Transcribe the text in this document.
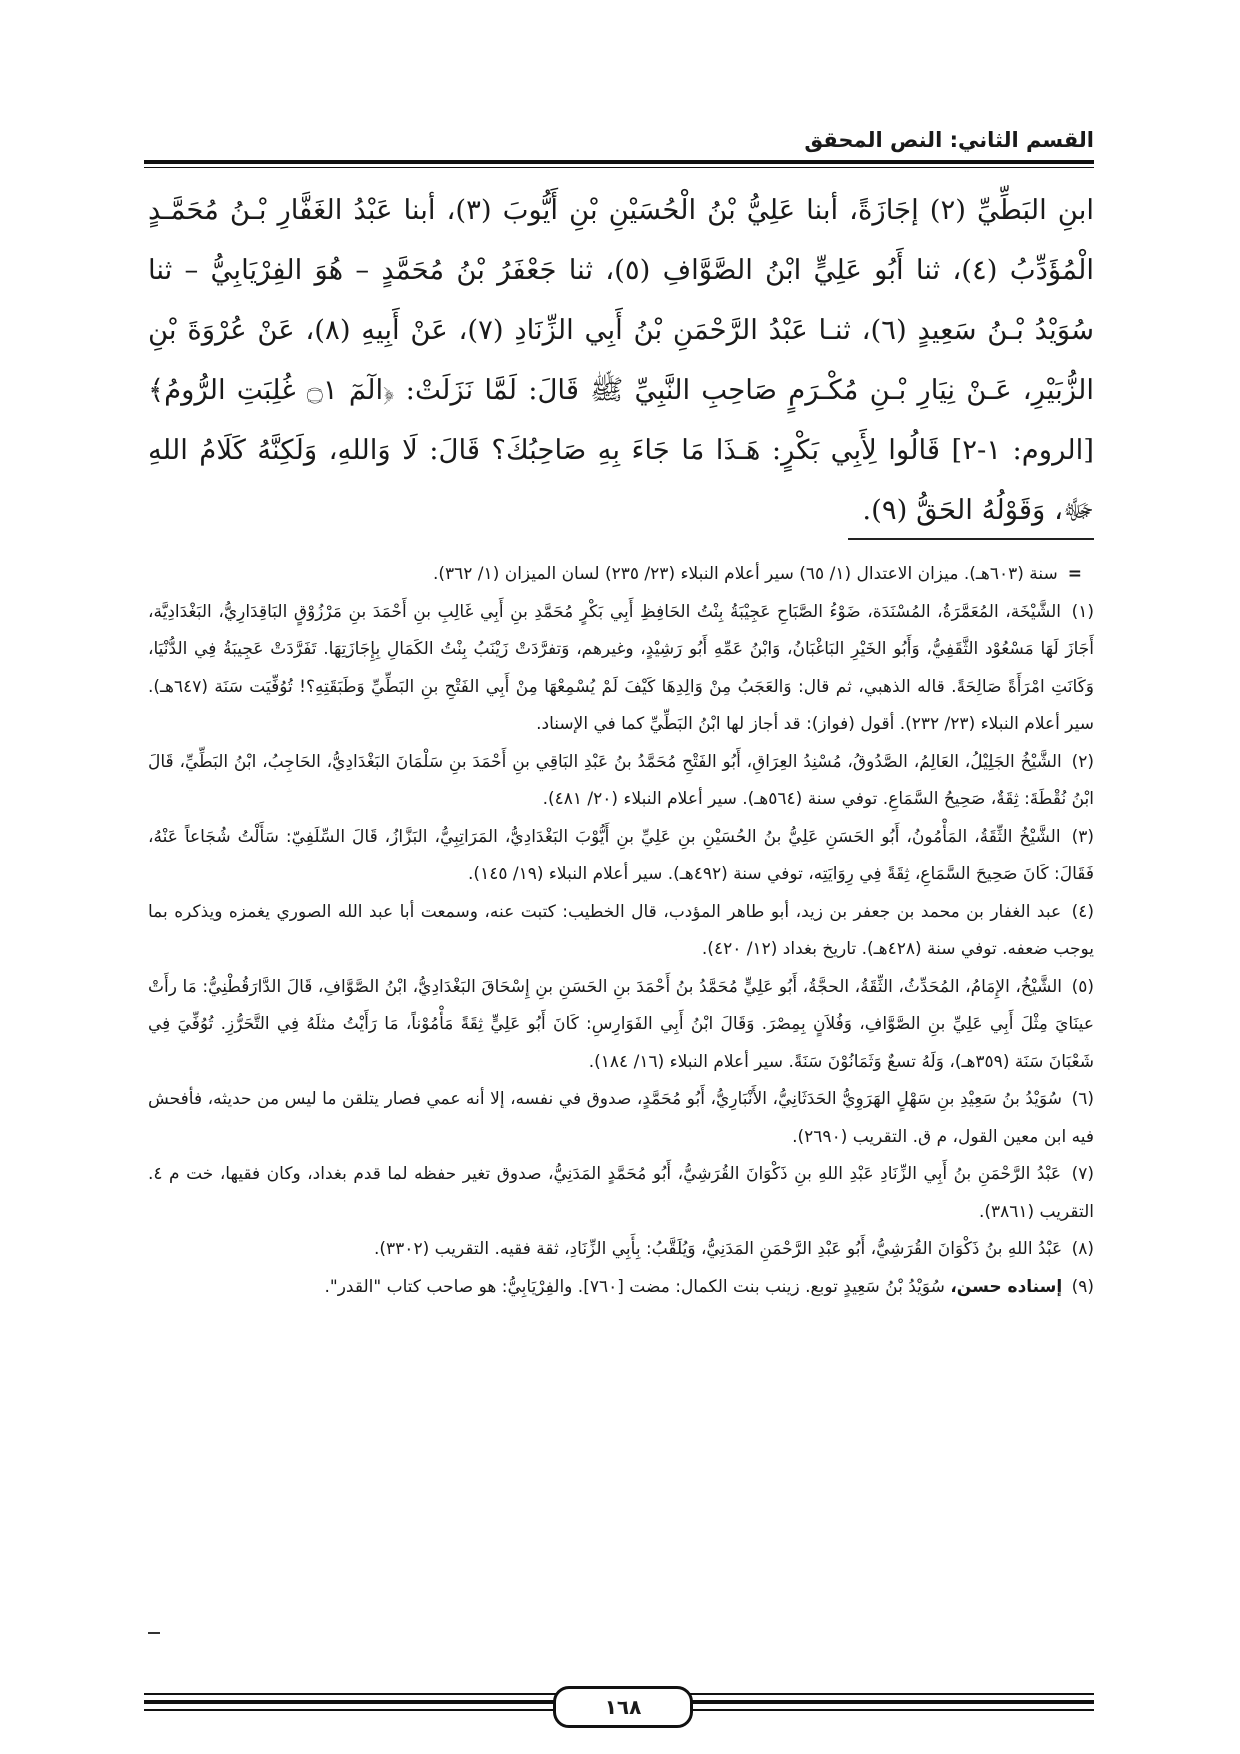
القسم الثاني: النص المحقق

ابنِ البَطِّيِّ (٢) إجَازَةً، أبنا عَلِيُّ بْنُ الْحُسَيْنِ بْنِ أَيُّوبَ (٣)، أبنا عَبْدُ الغَفَّارِ بْـنُ مُحَمَّـدٍ الْمُؤَدِّبُ (٤)، ثنا أَبُو عَلِيٍّ ابْنُ الصَّوَّافِ (٥)، ثنا جَعْفَرُ بْنُ مُحَمَّدٍ – هُوَ الفِرْيَابِيُّ – ثنا سُوَيْدُ بْـنُ سَعِيدٍ (٦)، ثنـا عَبْدُ الرَّحْمَنِ بْنُ أَبِي الزِّنَادِ (٧)، عَنْ أَبِيهِ (٨)، عَنْ عُرْوَةَ بْنِ الزُّبَيْرِ، عَـنْ نِيَارِ بْـنِ مُكْـرَمٍ صَاحِبِ النَّبِيِّ ﷺ قَالَ: لَمَّا نَزَلَتْ: ﴿الٓمٓ ۝١ غُلِبَتِ الرُّومُ﴾ [الروم: ١-٢] قَالُوا لِأَبِي بَكْرٍ: هَـذَا مَا جَاءَ بِهِ صَاحِبُكَ؟ قَالَ: لَا وَاللهِ، وَلَكِنَّهُ كَلَامُ اللهِ ﷻ، وَقَوْلُهُ الحَقُّ (٩).

=سنة (٦٠٣هـ). ميزان الاعتدال (١/ ٦٥) سير أعلام النبلاء (٢٣/ ٢٣٥) لسان الميزان (١/ ٣٦٢).

(١) الشَّيْخَة، المُعَمَّرَةُ، المُسْنَدَة، ضَوْءُ الصَّبَاحِ عَجِيْبَةُ بِنْتُ الحَافِظِ أَبِي بَكْرٍ مُحَمَّدِ بنِ أَبِي غَالِبِ بنِ أَحْمَدَ بنِ مَرْزُوْقٍ البَاقِدَارِيُّ، البَغْدَادِيَّة، أَجَازَ لَهَا مَسْعُوْد الثَّقَفِيُّ، وَأَبُو الخَيْرِ البَاغْبَانُ، وَابْنُ عَمِّهِ أَبُو رَشِيْدٍ، وغيرهم، وَتفرَّدَتْ زَيْنَبُ بِنْتُ الكَمَالِ بِإِجَازَتِهَا. تَفَرَّدَتْ عَجِيبَةُ فِي الدُّنْيَا، وَكَانَتِ امْرَأَةً صَالِحَةً. قاله الذهبي، ثم قال: وَالعَجَبُ مِنْ وَالِدِهَا كَيْفَ لَمْ يُسْمِعْهَا مِنْ أَبِي الفَتْحِ بنِ البَطِّيِّ وَطَبَقَتِهِ؟! تُوُفِّيَت سَنَة (٦٤٧هـ). سير أعلام النبلاء (٢٣/ ٢٣٢). أقول (فواز): قد أجاز لها ابْنُ البَطِّيِّ كما في الإسناد.

(٢) الشَّيْخُ الجَلِيْلُ، العَالِمُ، الصَّدُوقُ، مُسْنِدُ العِرَاقِ، أَبُو الفَتْحِ مُحَمَّدُ بنُ عَبْدِ البَاقِي بنِ أَحْمَدَ بنِ سَلْمَانَ البَغْدَادِيُّ، الحَاجِبُ، ابْنُ البَطِّيِّ، قَالَ ابْنُ نُقْطَةَ: ثِقَةٌ، صَحِيحُ السَّمَاعِ. توفي سنة (٥٦٤هـ). سير أعلام النبلاء (٢٠/ ٤٨١).

(٣) الشَّيْخُ الثِّقَةُ، المَأْمُونُ، أَبُو الحَسَنِ عَلِيُّ بنُ الحُسَيْنِ بنِ عَلِيِّ بنِ أَيُّوْبَ البَغْدَادِيُّ، المَرَاتِبِيُّ، البَزَّازُ، قَالَ السِّلَفِيّ: سَأَلْتُ شُجَاعاً عَنْهُ، فَقَالَ: كَانَ صَحِيحَ السَّمَاعِ، ثِقَةً فِي رِوَايَتِه، توفي سنة (٤٩٢هـ). سير أعلام النبلاء (١٩/ ١٤٥).

(٤) عبد الغفار بن محمد بن جعفر بن زيد، أبو طاهر المؤدب، قال الخطيب: كتبت عنه، وسمعت أبا عبد الله الصوري يغمزه ويذكره بما يوجب ضعفه. توفي سنة (٤٢٨هـ). تاريخ بغداد (١٢/ ٤٢٠).

(٥) الشَّيْخُ، الإِمَامُ، المُحَدِّثُ، الثِّقَةُ، الحجَّةُ، أَبُو عَلِيٍّ مُحَمَّدُ بنُ أَحْمَدَ بنِ الحَسَنِ بنِ إِسْحَاقَ البَغْدَادِيُّ، ابْنُ الصَّوَّافِ، قَالَ الدَّارَقُطْنِيُّ: مَا رأَتْ عينَايَ مِثْلَ أَبِي عَلِيِّ بنِ الصَّوَّافِ، وَفُلاَنٍ بِمِصْرَ. وَقَالَ ابْنُ أَبِي الفَوَارِسِ: كَانَ أَبُو عَلِيٍّ ثِقَةً مَأْمُوْناً، مَا رَأَيْتُ مثلَهُ فِي التَّحَرُّزِ. تُوُفِّيَ فِي شَعْبَانَ سَنَة (٣٥٩هـ)، وَلَهُ تسعٌ وَثَمَانُوْنَ سَنَةً. سير أعلام النبلاء (١٦/ ١٨٤).

(٦) سُوَيْدُ بنُ سَعِيْدِ بنِ سَهْلٍ الهَرَوِيُّ الحَدَثَانِيُّ، الأَنْبَارِيُّ، أَبُو مُحَمَّدٍ، صدوق في نفسه، إلا أنه عمي فصار يتلقن ما ليس من حديثه، فأفحش فيه ابن معين القول، م ق. التقريب (٢٦٩٠).

(٧) عَبْدُ الرَّحْمَنِ بنُ أَبِي الزِّنَادِ عَبْدِ اللهِ بنِ ذَكْوَانَ القُرَشِيُّ، أَبُو مُحَمَّدٍ المَدَنِيُّ، صدوق تغير حفظه لما قدم بغداد، وكان فقيها، خت م ٤. التقريب (٣٨٦١).

(٨) عَبْدُ اللهِ بنُ ذَكْوَانَ القُرَشِيُّ، أَبُو عَبْدِ الرَّحْمَنِ المَدَنِيُّ، وَيُلَقَّبُ: بِأَبِي الزِّنَادِ، ثقة فقيه. التقريب (٣٣٠٢).

(٩) إسناده حسن، سُوَيْدُ بْنُ سَعِيدٍ توبع. زينب بنت الكمال: مضت [٧٦٠]. والفِرْيَابِيُّ: هو صاحب كتاب "القدر".

١٦٨
